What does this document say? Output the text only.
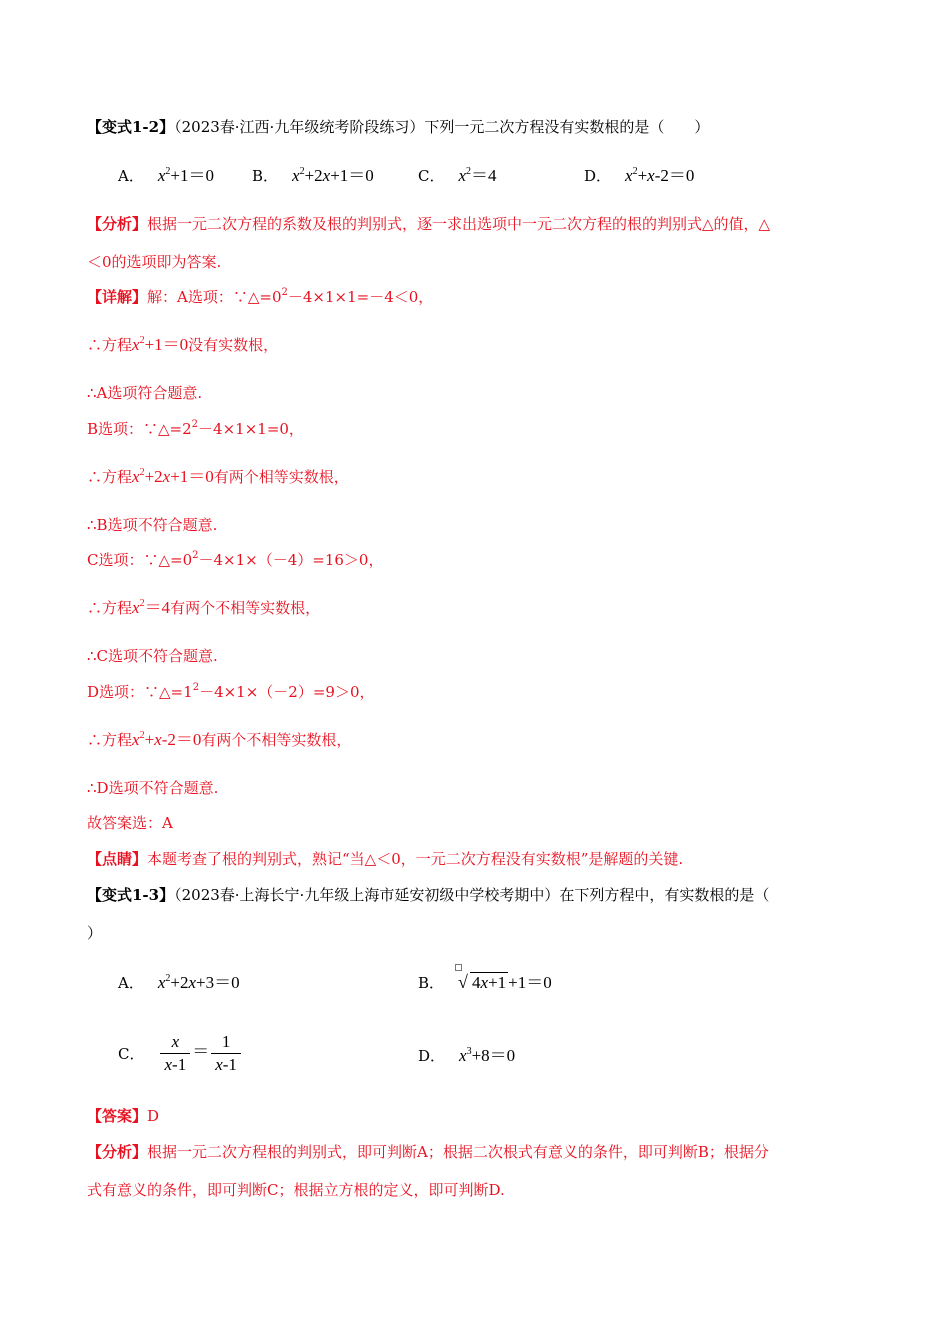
【变式1-2】（2023春·江西·九年级统考阶段练习）下列一元二次方程没有实数根的是（　　）
A． $x^2+1=0$	B． $x^2+2x+1=0$	C． $x^2=4$	D． $x^2+x-2=0$
【分析】根据一元二次方程的系数及根的判别式，逐一求出选项中一元二次方程的根的判别式△的值，△
＜0的选项即为答案.
【详解】解：A选项：$\because\triangle=0^2-4\times 1\times 1=-4<0$，
∴方程$x^2+1=0$没有实数根，
∴A选项符合题意.
B选项：$\because\triangle=2^2-4\times 1\times 1=0$，
∴方程$x^2+2x+1=0$有两个相等实数根，
∴B选项不符合题意.
C选项：$\because\triangle=0^2-4\times 1\times(-4)=16>0$，
∴方程$x^2=4$有两个不相等实数根，
∴C选项不符合题意.
D选项：$\because\triangle=1^2-4\times 1\times(-2)=9>0$，
∴方程$x^2+x-2=0$有两个不相等实数根，
∴D选项不符合题意.
故答案选：A
【点睛】本题考查了根的判别式，熟记“当△＜0，一元二次方程没有实数根”是解题的关键.
【变式1-3】（2023春·上海长宁·九年级上海市延安初级中学校考期中）在下列方程中，有实数根的是（
）
A． $x^2+2x+3=0$	B． √ 4x+1 +1＝0
C． $\frac{x}{x-1} = \frac{1}{x-1}$	D． $x^3+8=0$
【答案】D
【分析】根据一元二次方程根的判别式，即可判断A；根据二次根式有意义的条件，即可判断B；根据分
式有意义的条件，即可判断C；根据立方根的定义，即可判断D.
